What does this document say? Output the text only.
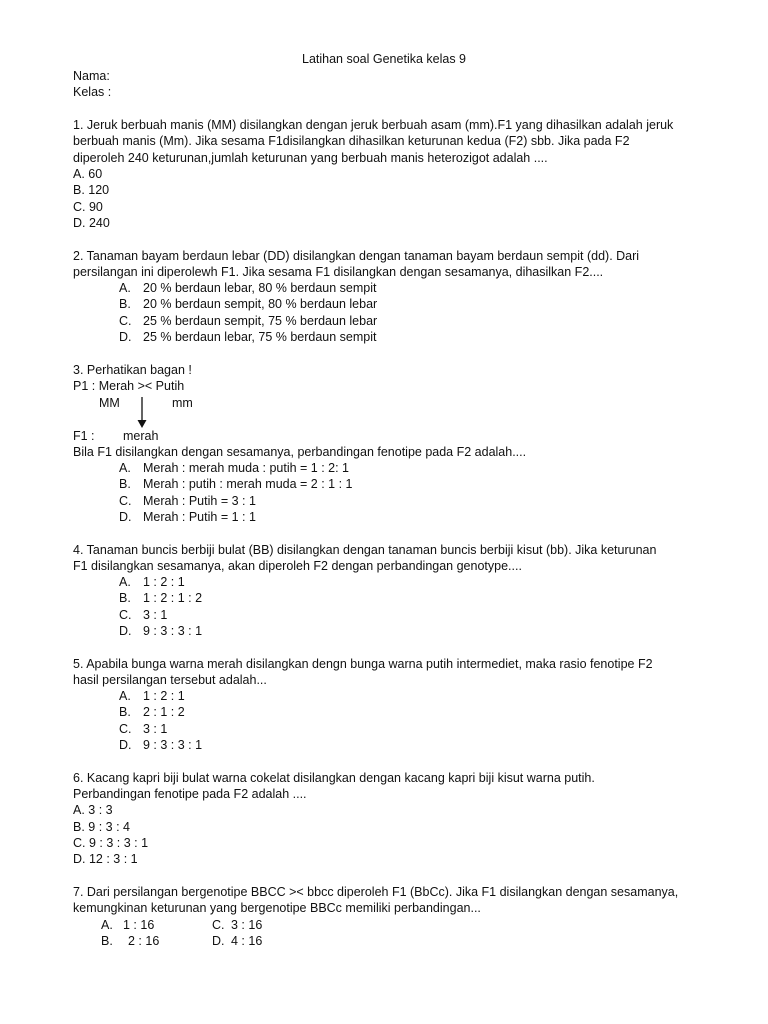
Latihan soal Genetika kelas 9
Nama:
Kelas :
1. Jeruk berbuah manis (MM) disilangkan dengan jeruk berbuah asam (mm).F1 yang dihasilkan adalah jeruk
berbuah manis (Mm). Jika sesama F1disilangkan dihasilkan keturunan kedua (F2) sbb. Jika pada F2
diperoleh 240 keturunan,jumlah keturunan yang berbuah manis heterozigot adalah ....
A. 60
B. 120
C. 90
D. 240
2. Tanaman bayam berdaun lebar (DD) disilangkan dengan tanaman bayam berdaun sempit (dd). Dari
persilangan ini diperolewh F1. Jika sesama F1 disilangkan dengan sesamanya, dihasilkan F2....
A. 20 % berdaun lebar, 80 % berdaun sempit
B. 20 % berdaun sempit, 80 % berdaun lebar
C. 25 % berdaun sempit, 75 % berdaun lebar
D. 25 % berdaun lebar, 75 % berdaun sempit
3. Perhatikan bagan !
P1 : Merah >< Putih
MM	mm
F1 : merah
Bila F1 disilangkan dengan sesamanya, perbandingan fenotipe pada F2 adalah....
A. Merah : merah muda : putih = 1 : 2: 1
B. Merah : putih : merah muda = 2 : 1 : 1
C. Merah : Putih = 3 : 1
D. Merah : Putih = 1 : 1
4. Tanaman buncis berbiji bulat (BB) disilangkan dengan tanaman buncis berbiji kisut (bb). Jika keturunan
F1 disilangkan sesamanya, akan diperoleh F2 dengan perbandingan genotype....
A. 1 : 2 : 1
B. 1 : 2 : 1 : 2
C. 3 : 1
D. 9 : 3 : 3 : 1
5. Apabila bunga warna merah disilangkan dengn bunga warna putih intermediet, maka rasio fenotipe F2
hasil persilangan tersebut adalah...
A. 1 : 2 : 1
B. 2 : 1 : 2
C. 3 : 1
D. 9 : 3 : 3 : 1
6. Kacang kapri biji bulat warna cokelat disilangkan dengan kacang kapri biji kisut warna putih.
Perbandingan fenotipe pada F2 adalah ....
A. 3 : 3
B. 9 : 3 : 4
C. 9 : 3 : 3 : 1
D. 12 : 3 : 1
7. Dari persilangan bergenotipe BBCC >< bbcc diperoleh F1 (BbCc). Jika F1 disilangkan dengan sesamanya,
kemungkinan keturunan yang bergenotipe BBCc memiliki perbandingan...
A. 1 : 16	C. 3 : 16
B. 2 : 16	D. 4 : 16
